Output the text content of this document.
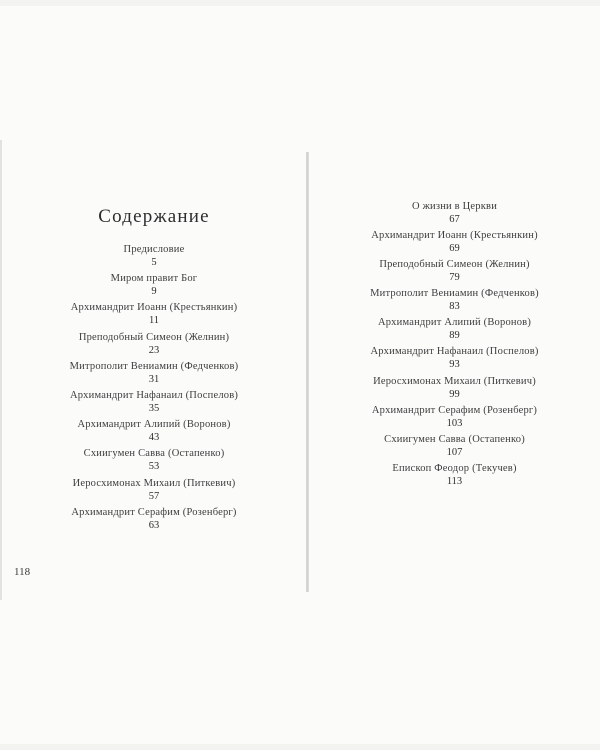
Содержание
Предисловие
5
Миром правит Бог
9
Архимандрит Иоанн (Крестьянкин)
11
Преподобный Симеон (Желнин)
23
Митрополит Вениамин (Федченков)
31
Архимандрит Нафанаил (Поспелов)
35
Архимандрит Алипий (Воронов)
43
Схиигумен Савва (Остапенко)
53
Иеросхимонах Михаил (Питкевич)
57
Архимандрит Серафим (Розенберг)
63
118
О жизни в Церкви
67
Архимандрит Иоанн (Крестьянкин)
69
Преподобный Симеон (Желнин)
79
Митрополит Вениамин (Федченков)
83
Архимандрит Алипий (Воронов)
89
Архимандрит Нафанаил (Поспелов)
93
Иеросхимонах Михаил (Питкевич)
99
Архимандрит Серафим (Розенберг)
103
Схиигумен Савва (Остапенко)
107
Епископ Феодор (Текучев)
113
